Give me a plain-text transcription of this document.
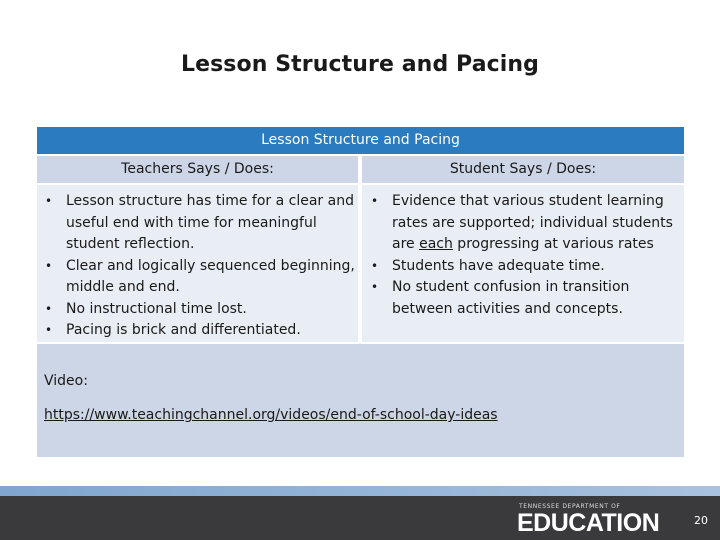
Lesson Structure and Pacing
Lesson Structure and Pacing
Teachers Says / Does:	Student Says / Does:
• Lesson structure has time for a clear and useful end with time for meaningful student reflection.
• Clear and logically sequenced beginning, middle and end.
• No instructional time lost.
• Pacing is brick and differentiated.
• Evidence that various student learning rates are supported; individual students are each progressing at various rates
• Students have adequate time.
• No student confusion in transition between activities and concepts.
Video:
https://www.teachingchannel.org/videos/end-of-school-day-ideas
TENNESSEE DEPARTMENT OF
EDUCATION	20
